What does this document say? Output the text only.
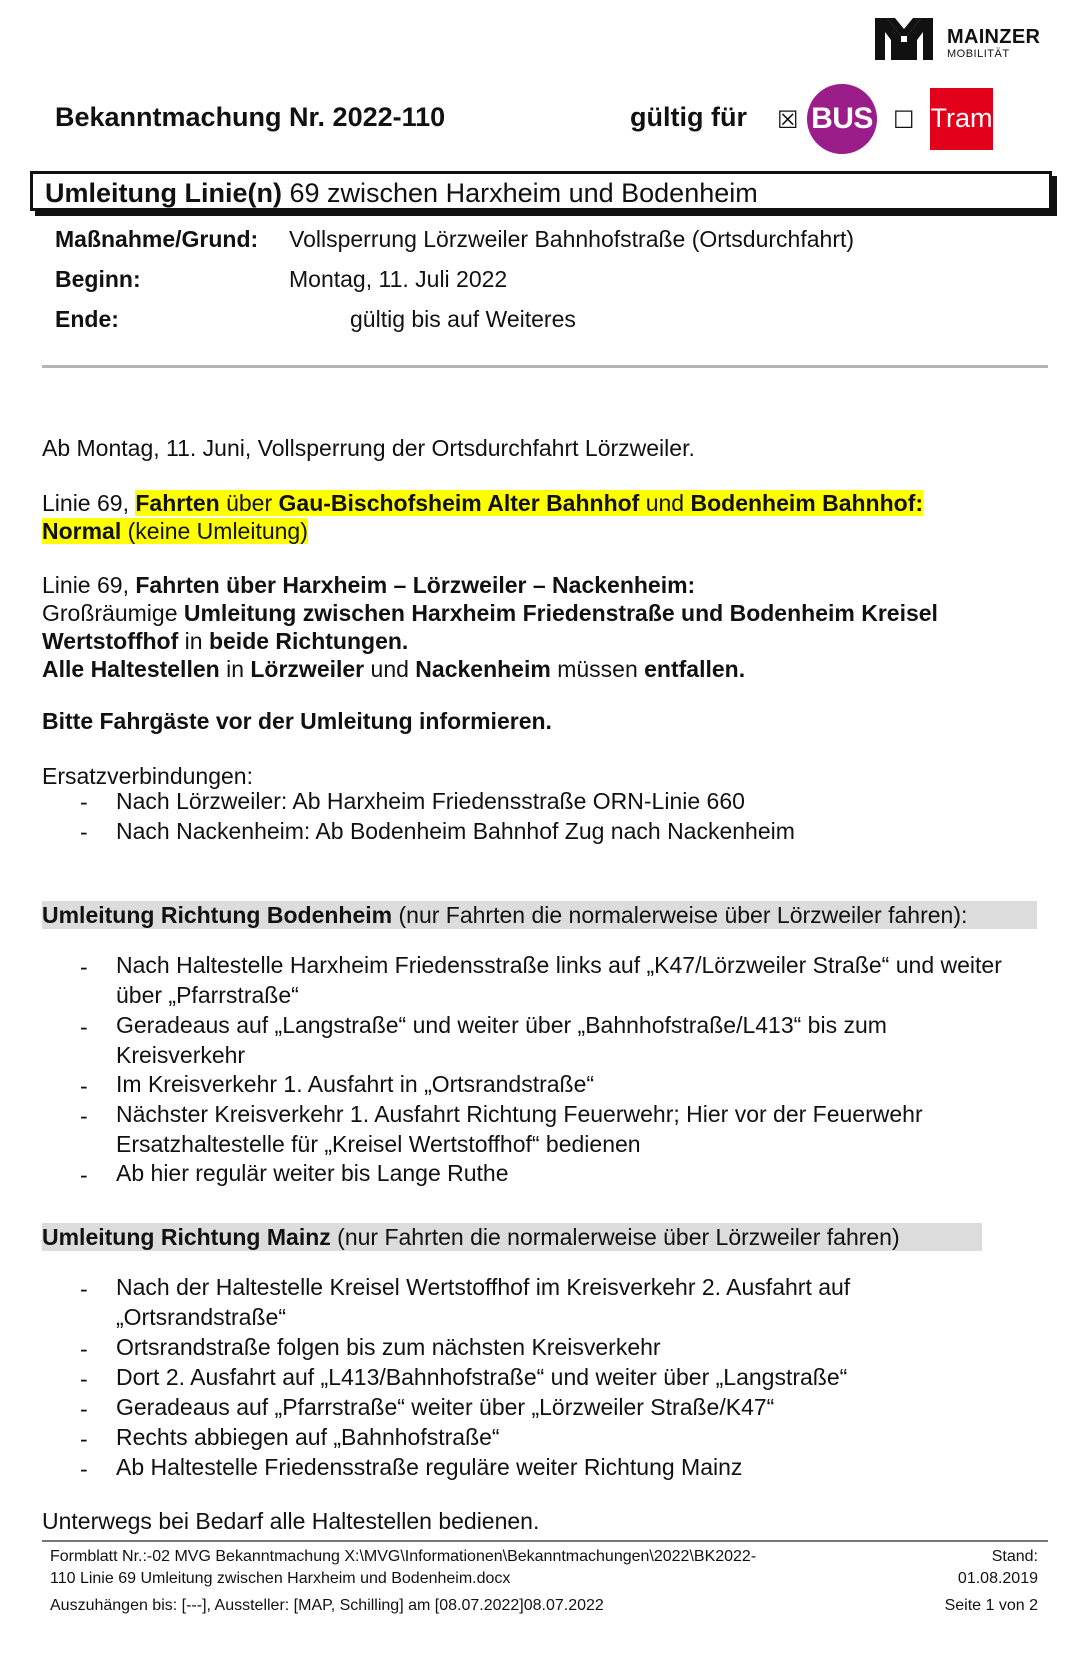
MAINZER
MOBILITÄT
Bekanntmachung Nr. 2022-110	gültig für ☒ BUS ☐ Tram
Umleitung Linie(n) 69 zwischen Harxheim und Bodenheim
Maßnahme/Grund: Vollsperrung Lörzweiler Bahnhofstraße (Ortsdurchfahrt)
Beginn:	Montag, 11. Juli 2022
Ende:	gültig bis auf Weiteres
Ab Montag, 11. Juni, Vollsperrung der Ortsdurchfahrt Lörzweiler.
Linie 69, Fahrten über Gau-Bischofsheim Alter Bahnhof und Bodenheim Bahnhof:
Normal (keine Umleitung)
Linie 69, Fahrten über Harxheim – Lörzweiler – Nackenheim:
Großräumige Umleitung zwischen Harxheim Friedenstraße und Bodenheim Kreisel
Wertstoffhof in beide Richtungen.
Alle Haltestellen in Lörzweiler und Nackenheim müssen entfallen.
Bitte Fahrgäste vor der Umleitung informieren.
Ersatzverbindungen:
- Nach Lörzweiler: Ab Harxheim Friedensstraße ORN-Linie 660
- Nach Nackenheim: Ab Bodenheim Bahnhof Zug nach Nackenheim
Umleitung Richtung Bodenheim (nur Fahrten die normalerweise über Lörzweiler fahren):
- Nach Haltestelle Harxheim Friedensstraße links auf „K47/Lörzweiler Straße“ und weiter über „Pfarrstraße“
- Geradeaus auf „Langstraße“ und weiter über „Bahnhofstraße/L413“ bis zum Kreisverkehr
- Im Kreisverkehr 1. Ausfahrt in „Ortsrandstraße“
- Nächster Kreisverkehr 1. Ausfahrt Richtung Feuerwehr; Hier vor der Feuerwehr Ersatzhaltestelle für „Kreisel Wertstoffhof“ bedienen
- Ab hier regulär weiter bis Lange Ruthe
Umleitung Richtung Mainz (nur Fahrten die normalerweise über Lörzweiler fahren)
- Nach der Haltestelle Kreisel Wertstoffhof im Kreisverkehr 2. Ausfahrt auf „Ortsrandstraße“
- Ortsrandstraße folgen bis zum nächsten Kreisverkehr
- Dort 2. Ausfahrt auf „L413/Bahnhofstraße“ und weiter über „Langstraße“
- Geradeaus auf „Pfarrstraße“ weiter über „Lörzweiler Straße/K47“
- Rechts abbiegen auf „Bahnhofstraße“
- Ab Haltestelle Friedensstraße reguläre weiter Richtung Mainz
Unterwegs bei Bedarf alle Haltestellen bedienen.
Formblatt Nr.:-02 MVG Bekanntmachung X:\MVG\Informationen\Bekanntmachungen\2022\BK2022-
110 Linie 69 Umleitung zwischen Harxheim und Bodenheim.docx
Auszuhängen bis: [---], Aussteller: [MAP, Schilling] am [08.07.2022]08.07.2022
Stand:
01.08.2019
Seite 1 von 2
